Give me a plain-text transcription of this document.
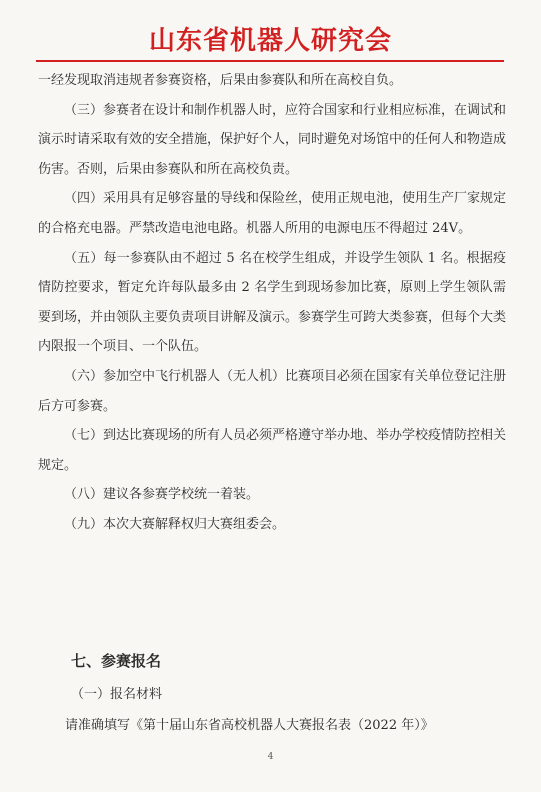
山东省机器人研究会

一经发现取消违规者参赛资格，后果由参赛队和所在高校自负。

（三）参赛者在设计和制作机器人时，应符合国家和行业相应标准，在调试和演示时请采取有效的安全措施，保护好个人，同时避免对场馆中的任何人和物造成伤害。否则，后果由参赛队和所在高校负责。

（四）采用具有足够容量的导线和保险丝，使用正规电池，使用生产厂家规定的合格充电器。严禁改造电池电路。机器人所用的电源电压不得超过 24V。

（五）每一参赛队由不超过 5 名在校学生组成，并设学生领队 1 名。根据疫情防控要求，暂定允许每队最多由 2 名学生到现场参加比赛，原则上学生领队需要到场，并由领队主要负责项目讲解及演示。参赛学生可跨大类参赛，但每个大类内限报一个项目、一个队伍。

（六）参加空中飞行机器人（无人机）比赛项目必须在国家有关单位登记注册后方可参赛。

（七）到达比赛现场的所有人员必须严格遵守举办地、举办学校疫情防控相关规定。

（八）建议各参赛学校统一着装。

（九）本次大赛解释权归大赛组委会。

七、参赛报名
（一）报名材料
请准确填写《第十届山东省高校机器人大赛报名表（2022 年）》
4
